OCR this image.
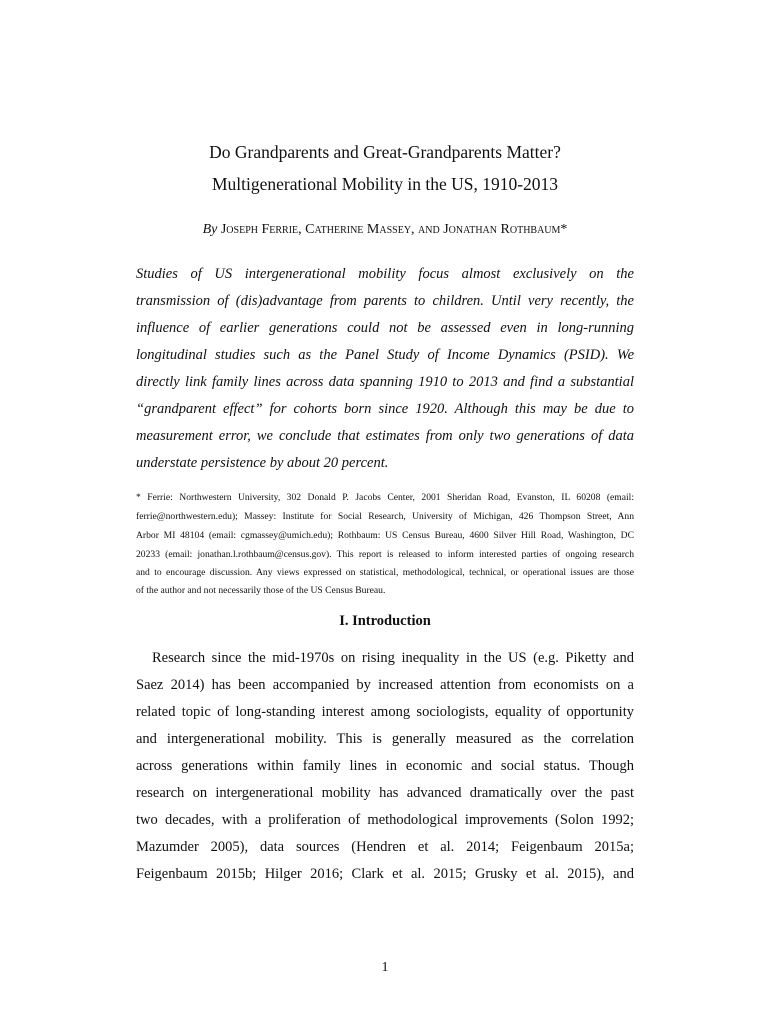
Do Grandparents and Great-Grandparents Matter?
Multigenerational Mobility in the US, 1910-2013
By Joseph Ferrie, Catherine Massey, and Jonathan Rothbaum*
Studies of US intergenerational mobility focus almost exclusively on the
transmission of (dis)advantage from parents to children. Until very recently, the
influence of earlier generations could not be assessed even in long-running
longitudinal studies such as the Panel Study of Income Dynamics (PSID). We
directly link family lines across data spanning 1910 to 2013 and find a substantial
“grandparent effect” for cohorts born since 1920. Although this may be due to
measurement error, we conclude that estimates from only two generations of data
understate persistence by about 20 percent.
* Ferrie: Northwestern University, 302 Donald P. Jacobs Center, 2001 Sheridan Road, Evanston, IL 60208 (email:
ferrie@northwestern.edu); Massey: Institute for Social Research, University of Michigan, 426 Thompson Street, Ann
Arbor MI 48104 (email: cgmassey@umich.edu); Rothbaum: US Census Bureau, 4600 Silver Hill Road, Washington, DC
20233 (email: jonathan.l.rothbaum@census.gov). This report is released to inform interested parties of ongoing research
and to encourage discussion. Any views expressed on statistical, methodological, technical, or operational issues are those
of the author and not necessarily those of the US Census Bureau.
I. Introduction
Research since the mid-1970s on rising inequality in the US (e.g. Piketty and
Saez 2014) has been accompanied by increased attention from economists on a
related topic of long-standing interest among sociologists, equality of opportunity
and intergenerational mobility. This is generally measured as the correlation
across generations within family lines in economic and social status. Though
research on intergenerational mobility has advanced dramatically over the past
two decades, with a proliferation of methodological improvements (Solon 1992;
Mazumder 2005), data sources (Hendren et al. 2014; Feigenbaum 2015a;
Feigenbaum 2015b; Hilger 2016; Clark et al. 2015; Grusky et al. 2015), and
1
